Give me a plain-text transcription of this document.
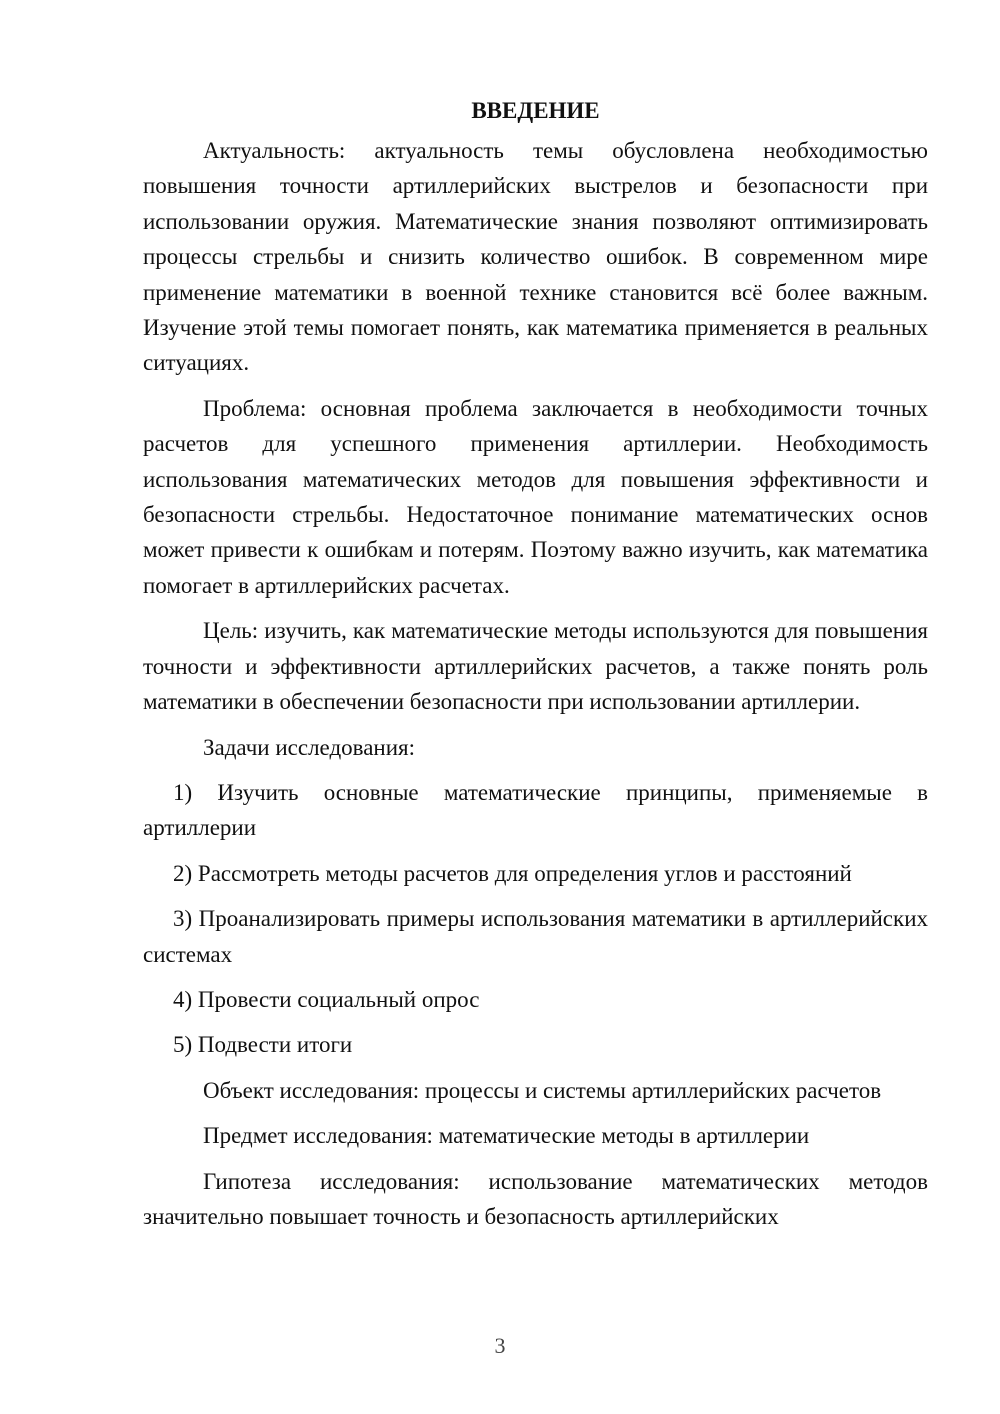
ВВЕДЕНИЕ

Актуальность: актуальность темы обусловлена необходимостью повышения точности артиллерийских выстрелов и безопасности при использовании оружия. Математические знания позволяют оптимизировать процессы стрельбы и снизить количество ошибок. В современном мире применение математики в военной технике становится всё более важным. Изучение этой темы помогает понять, как математика применяется в реальных ситуациях.

Проблема: основная проблема заключается в необходимости точных расчетов для успешного применения артиллерии. Необходимость использования математических методов для повышения эффективности и безопасности стрельбы. Недостаточное понимание математических основ может привести к ошибкам и потерям. Поэтому важно изучить, как математика помогает в артиллерийских расчетах.

Цель: изучить, как математические методы используются для повышения точности и эффективности артиллерийских расчетов, а также понять роль математики в обеспечении безопасности при использовании артиллерии.

Задачи исследования:

1) Изучить основные математические принципы, применяемые в артиллерии

2) Рассмотреть методы расчетов для определения углов и расстояний

3) Проанализировать примеры использования математики в артиллерийских системах

4) Провести социальный опрос

5) Подвести итоги

Объект исследования: процессы и системы артиллерийских расчетов

Предмет исследования: математические методы в артиллерии

Гипотеза исследования: использование математических методов значительно повышает точность и безопасность артиллерийских

3
